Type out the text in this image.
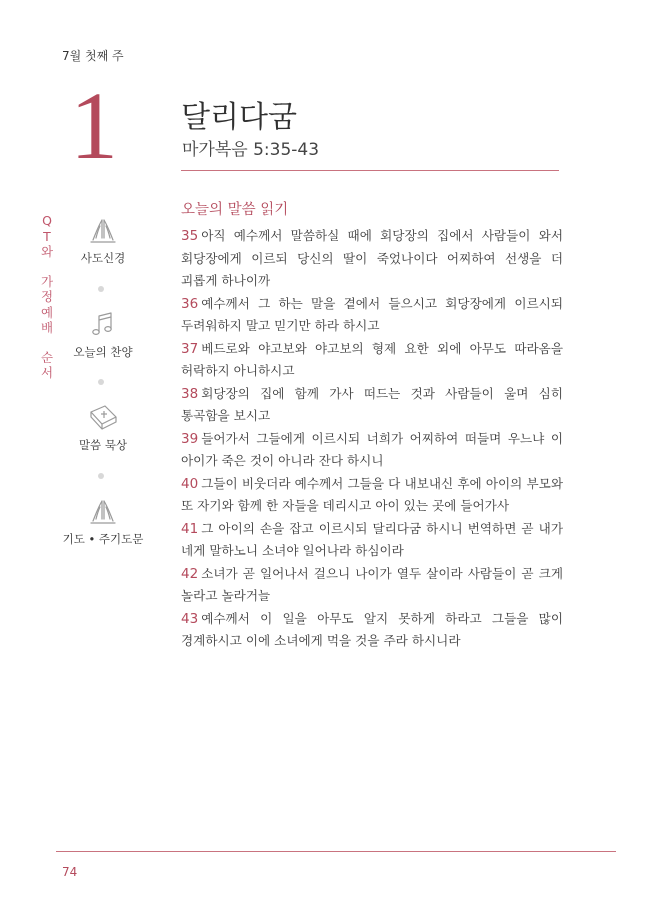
7월 첫째 주
1 달리다굼
마가복음 5:35-43
Q
T
와
가
정
예
배
순
서
사도신경
오늘의 찬양
말씀 묵상
기도 • 주기도문
오늘의 말씀 읽기

35 아직 예수께서 말씀하실 때에 회당장의 집에서 사람들이 와서 회당장에게 이르되 당신의 딸이 죽었나이다 어찌하여 선생을 더 괴롭게 하나이까

36 예수께서 그 하는 말을 곁에서 들으시고 회당장에게 이르시되 두려워하지 말고 믿기만 하라 하시고

37 베드로와 야고보와 야고보의 형제 요한 외에 아무도 따라옴을 허락하지 아니하시고

38 회당장의 집에 함께 가사 떠드는 것과 사람들이 울며 심히 통곡함을 보시고

39 들어가서 그들에게 이르시되 너희가 어찌하여 떠들며 우느냐 이 아이가 죽은 것이 아니라 잔다 하시니

40 그들이 비웃더라 예수께서 그들을 다 내보내신 후에 아이의 부모와 또 자기와 함께 한 자들을 데리시고 아이 있는 곳에 들어가사

41 그 아이의 손을 잡고 이르시되 달리다굼 하시니 번역하면 곧 내가 네게 말하노니 소녀야 일어나라 하심이라

42 소녀가 곧 일어나서 걸으니 나이가 열두 살이라 사람들이 곧 크게 놀라고 놀라거늘

43 예수께서 이 일을 아무도 알지 못하게 하라고 그들을 많이 경계하시고 이에 소녀에게 먹을 것을 주라 하시니라

74
